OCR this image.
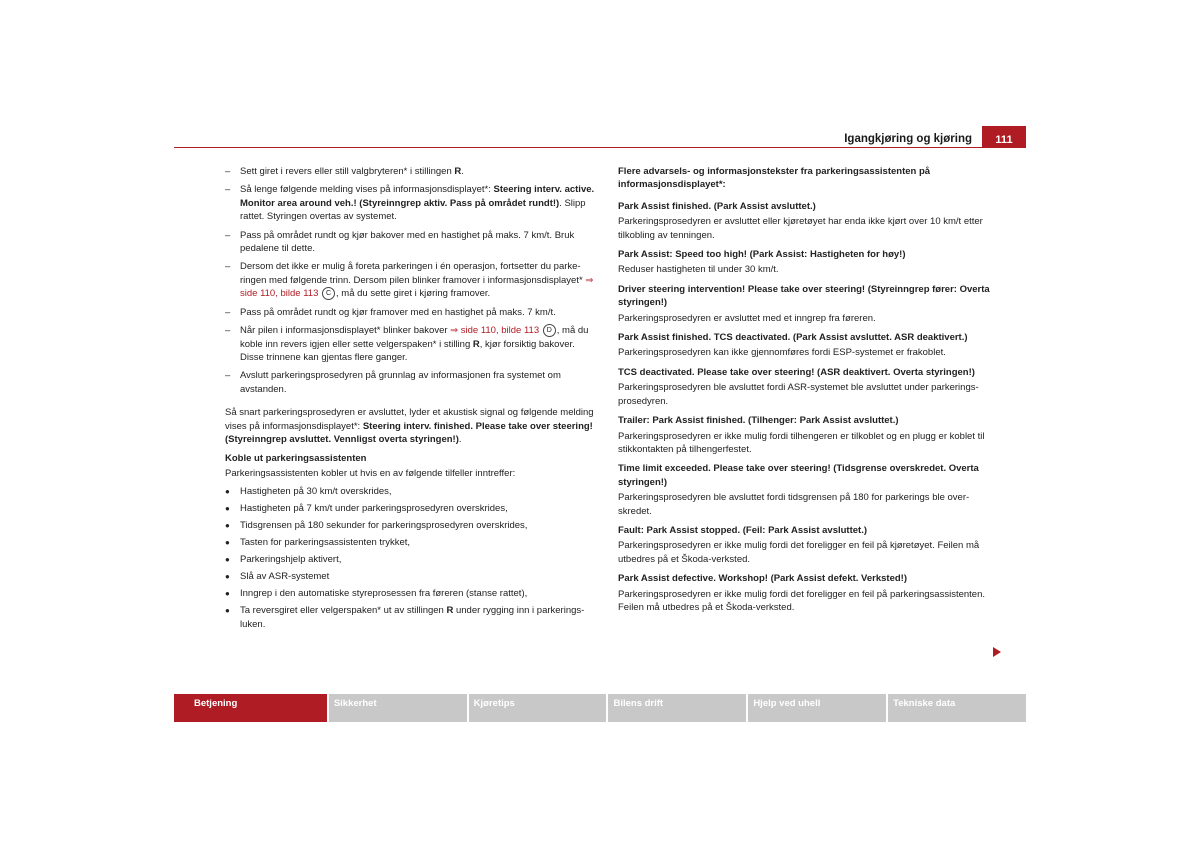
Igangkjøring og kjøring	111
– Sett giret i revers eller still valgbryteren* i stillingen R.
– Så lenge følgende melding vises på informasjonsdisplayet*: Steering interv. active. Monitor area around veh.! (Styreinngrep aktiv. Pass på området rundt!). Slipp rattet. Styringen overtas av systemet.
– Pass på området rundt og kjør bakover med en hastighet på maks. 7 km/t. Bruk pedalene til dette.
– Dersom det ikke er mulig å foreta parkeringen i én operasjon, fortsetter du parkeringen med følgende trinn. Dersom pilen blinker framover i informasjonsdisplayet* ⇒ side 110, bilde 113 C , må du sette giret i kjøring framover.
– Pass på området rundt og kjør framover med en hastighet på maks. 7 km/t.
– Når pilen i informasjonsdisplayet* blinker bakover ⇒ side 110, bilde 113 D , må du koble inn revers igjen eller sette velgerspaken* i stilling R, kjør forsiktig bakover. Disse trinnene kan gjentas flere ganger.
– Avslutt parkeringsprosedyren på grunnlag av informasjonen fra systemet om avstanden.
Så snart parkeringsprosedyren er avsluttet, lyder et akustisk signal og følgende melding vises på informasjonsdisplayet*: Steering interv. finished. Please take over steering! (Styreinngrep avsluttet. Vennligst overta styringen!).
Koble ut parkeringsassistenten
Parkeringsassistenten kobler ut hvis en av følgende tilfeller inntreffer:
● Hastigheten på 30 km/t overskrides,
● Hastigheten på 7 km/t under parkeringsprosedyren overskrides,
● Tidsgrensen på 180 sekunder for parkeringsprosedyren overskrides,
● Tasten for parkeringsassistenten trykket,
● Parkeringshjelp aktivert,
● Slå av ASR-systemet
● Inngrep i den automatiske styreprosessen fra føreren (stanse rattet),
● Ta reversgiret eller velgerspaken* ut av stillingen R under rygging inn i parkeringsluken.
Flere advarsels- og informasjonstekster fra parkeringsassistenten på informasjonsdisplayet*:
Park Assist finished. (Park Assist avsluttet.)
Parkeringsprosedyren er avsluttet eller kjøretøyet har enda ikke kjørt over 10 km/t etter tilkobling av tenningen.
Park Assist: Speed too high! (Park Assist: Hastigheten for høy!)
Reduser hastigheten til under 30 km/t.
Driver steering intervention! Please take over steering! (Styreinngrep fører: Overta styringen!)
Parkeringsprosedyren er avsluttet med et inngrep fra føreren.
Park Assist finished. TCS deactivated. (Park Assist avsluttet. ASR deaktivert.)
Parkeringsprosedyren kan ikke gjennomføres fordi ESP-systemet er frakoblet.
TCS deactivated. Please take over steering! (ASR deaktivert. Overta styringen!)
Parkeringsprosedyren ble avsluttet fordi ASR-systemet ble avsluttet under parkeringsprosedyren.
Trailer: Park Assist finished. (Tilhenger: Park Assist avsluttet.)
Parkeringsprosedyren er ikke mulig fordi tilhengeren er tilkoblet og en plugg er koblet til stikkontakten på tilhengerfestet.
Time limit exceeded. Please take over steering! (Tidsgrense overskredet. Overta styringen!)
Parkeringsprosedyren ble avsluttet fordi tidsgrensen på 180 for parkerings ble overskredet.
Fault: Park Assist stopped. (Feil: Park Assist avsluttet.)
Parkeringsprosedyren er ikke mulig fordi det foreligger en feil på kjøretøyet. Feilen må utbedres på et Škoda-verksted.
Park Assist defective. Workshop! (Park Assist defekt. Verksted!)
Parkeringsprosedyren er ikke mulig fordi det foreligger en feil på parkeringsassistenten. Feilen må utbedres på et Škoda-verksted.
Betjening	Sikkerhet	Kjøretips	Bilens drift	Hjelp ved uhell	Tekniske data
